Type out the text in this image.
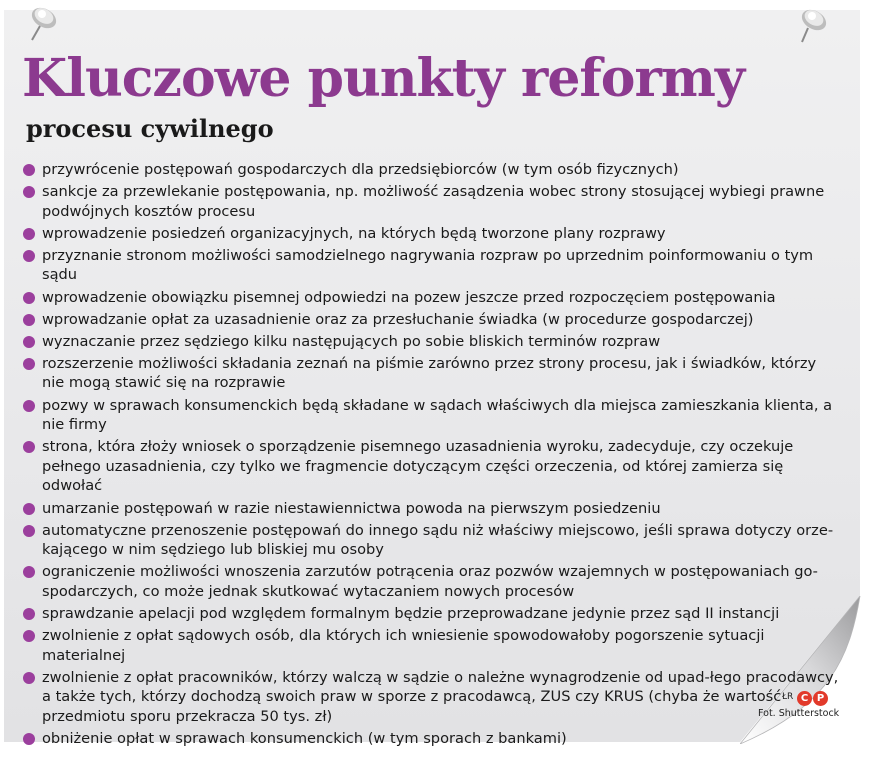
Kluczowe punkty reformy
procesu cywilnego
przywrócenie postępowań gospodarczych dla przedsiębiorców (w tym osób fizycznych)
sankcje za przewlekanie postępowania, np. możliwość zasądzenia wobec strony stosującej wybiegi prawne podwójnych kosztów procesu
wprowadzenie posiedzeń organizacyjnych, na których będą tworzone plany rozprawy
przyznanie stronom możliwości samodzielnego nagrywania rozpraw po uprzednim poinformowaniu o tym sądu
wprowadzenie obowiązku pisemnej odpowiedzi na pozew jeszcze przed rozpoczęciem postępowania
wprowadzanie opłat za uzasadnienie oraz za przesłuchanie świadka (w procedurze gospodarczej)
wyznaczanie przez sędziego kilku następujących po sobie bliskich terminów rozpraw
rozszerzenie możliwości składania zeznań na piśmie zarówno przez strony procesu, jak i świadków, którzy nie mogą stawić się na rozprawie
pozwy w sprawach konsumenckich będą składane w sądach właściwych dla miejsca zamieszkania klienta, a nie firmy
strona, która złoży wniosek o sporządzenie pisemnego uzasadnienia wyroku, zadecyduje, czy oczekuje pełnego uzasadnienia, czy tylko we fragmencie dotyczącym części orzeczenia, od której zamierza się odwołać
umarzanie postępowań w razie niestawiennictwa powoda na pierwszym posiedzeniu
automatyczne przenoszenie postępowań do innego sądu niż właściwy miejscowo, jeśli sprawa dotyczy orze-kającego w nim sędziego lub bliskiej mu osoby
ograniczenie możliwości wnoszenia zarzutów potrącenia oraz pozwów wzajemnych w postępowaniach go-spodarczych, co może jednak skutkować wytaczaniem nowych procesów
sprawdzanie apelacji pod względem formalnym będzie przeprowadzane jedynie przez sąd II instancji
zwolnienie z opłat sądowych osób, dla których ich wniesienie spowodowałoby pogorszenie sytuacji materialnej
zwolnienie z opłat pracowników, którzy walczą w sądzie o należne wynagrodzenie od upad-łego pracodawcy, a także tych, którzy dochodzą swoich praw w sporze z pracodawcą, ZUS czy KRUS (chyba że wartość przedmiotu sporu przekracza 50 tys. zł)
obniżenie opłat w sprawach konsumenckich (w tym sporach z bankami)
ŁR C P
Fot. Shutterstock
